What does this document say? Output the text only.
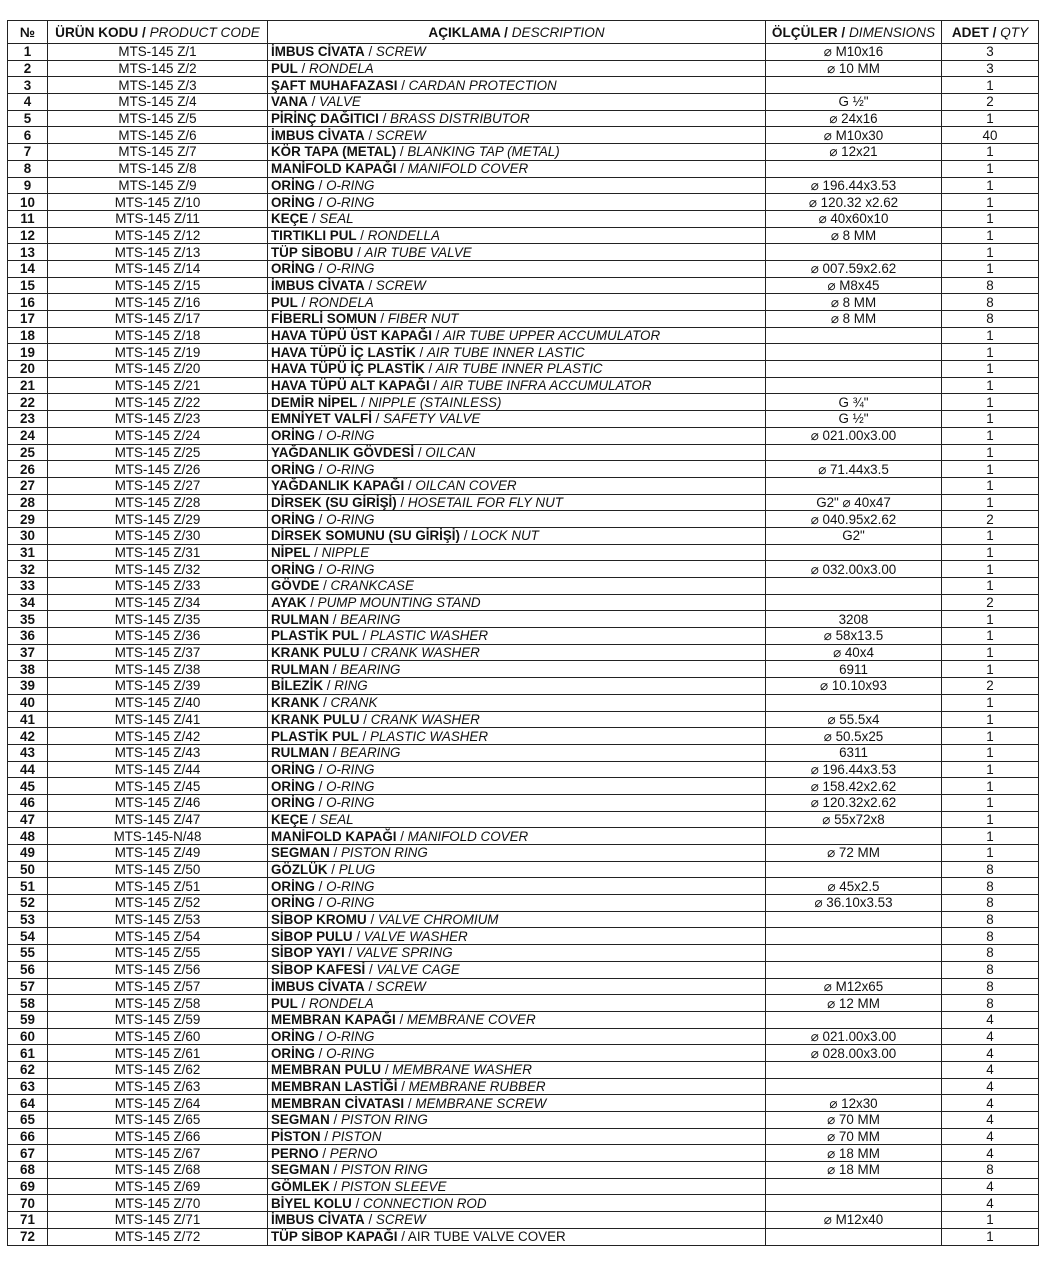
№	ÜRÜN KODU / PRODUCT CODE	AÇIKLAMA / DESCRIPTION	ÖLÇÜLER / DIMENSIONS	ADET / QTY
1	MTS-145 Z/1	İMBUS CİVATA / SCREW	⌀ M10x16	3
2	MTS-145 Z/2	PUL / RONDELA	⌀ 10 MM	3
3	MTS-145 Z/3	ŞAFT MUHAFAZASI / CARDAN PROTECTION		1
4	MTS-145 Z/4	VANA / VALVE	G ½"	2
5	MTS-145 Z/5	PİRİNÇ DAĞITICI / BRASS DISTRIBUTOR	⌀ 24x16	1
6	MTS-145 Z/6	İMBUS CİVATA / SCREW	⌀ M10x30	40
7	MTS-145 Z/7	KÖR TAPA (METAL) / BLANKING TAP (METAL)	⌀ 12x21	1
8	MTS-145 Z/8	MANİFOLD KAPAĞI / MANIFOLD COVER		1
9	MTS-145 Z/9	ORİNG / O-RING	⌀ 196.44x3.53	1
10	MTS-145 Z/10	ORİNG / O-RING	⌀ 120.32 x2.62	1
11	MTS-145 Z/11	KEÇE / SEAL	⌀ 40x60x10	1
12	MTS-145 Z/12	TIRTIKLI PUL / RONDELLA	⌀ 8 MM	1
13	MTS-145 Z/13	TÜP SİBOBU / AIR TUBE VALVE		1
14	MTS-145 Z/14	ORİNG / O-RING	⌀ 007.59x2.62	1
15	MTS-145 Z/15	İMBUS CİVATA / SCREW	⌀ M8x45	8
16	MTS-145 Z/16	PUL / RONDELA	⌀ 8 MM	8
17	MTS-145 Z/17	FİBERLİ SOMUN / FIBER NUT	⌀ 8 MM	8
18	MTS-145 Z/18	HAVA TÜPÜ ÜST KAPAĞI / AIR TUBE UPPER ACCUMULATOR		1
19	MTS-145 Z/19	HAVA TÜPÜ İÇ LASTİK / AIR TUBE INNER LASTIC		1
20	MTS-145 Z/20	HAVA TÜPÜ İÇ PLASTİK / AIR TUBE INNER PLASTIC		1
21	MTS-145 Z/21	HAVA TÜPÜ ALT KAPAĞI / AIR TUBE INFRA ACCUMULATOR		1
22	MTS-145 Z/22	DEMİR NİPEL / NIPPLE (STAINLESS)	G ¾"	1
23	MTS-145 Z/23	EMNİYET VALFİ / SAFETY VALVE	G ½"	1
24	MTS-145 Z/24	ORİNG / O-RING	⌀ 021.00x3.00	1
25	MTS-145 Z/25	YAĞDANLIK GÖVDESİ / OILCAN		1
26	MTS-145 Z/26	ORİNG / O-RING	⌀ 71.44x3.5	1
27	MTS-145 Z/27	YAĞDANLIK KAPAĞI / OILCAN COVER		1
28	MTS-145 Z/28	DİRSEK (SU GİRİŞİ) / HOSETAIL FOR FLY NUT	G2" ⌀ 40x47	1
29	MTS-145 Z/29	ORİNG / O-RING	⌀ 040.95x2.62	2
30	MTS-145 Z/30	DİRSEK SOMUNU (SU GİRİŞİ) / LOCK NUT	G2"	1
31	MTS-145 Z/31	NİPEL / NIPPLE		1
32	MTS-145 Z/32	ORİNG / O-RING	⌀ 032.00x3.00	1
33	MTS-145 Z/33	GÖVDE / CRANKCASE		1
34	MTS-145 Z/34	AYAK / PUMP MOUNTING STAND		2
35	MTS-145 Z/35	RULMAN / BEARING	3208	1
36	MTS-145 Z/36	PLASTİK PUL / PLASTIC WASHER	⌀ 58x13.5	1
37	MTS-145 Z/37	KRANK PULU / CRANK WASHER	⌀ 40x4	1
38	MTS-145 Z/38	RULMAN / BEARING	6911	1
39	MTS-145 Z/39	BİLEZİK / RING	⌀ 10.10x93	2
40	MTS-145 Z/40	KRANK / CRANK		1
41	MTS-145 Z/41	KRANK PULU / CRANK WASHER	⌀ 55.5x4	1
42	MTS-145 Z/42	PLASTİK PUL / PLASTIC WASHER	⌀ 50.5x25	1
43	MTS-145 Z/43	RULMAN / BEARING	6311	1
44	MTS-145 Z/44	ORİNG / O-RING	⌀ 196.44x3.53	1
45	MTS-145 Z/45	ORİNG / O-RING	⌀ 158.42x2.62	1
46	MTS-145 Z/46	ORİNG / O-RING	⌀ 120.32x2.62	1
47	MTS-145 Z/47	KEÇE / SEAL	⌀ 55x72x8	1
48	MTS-145-N/48	MANİFOLD KAPAĞI / MANIFOLD COVER		1
49	MTS-145 Z/49	SEGMAN / PISTON RING	⌀ 72 MM	1
50	MTS-145 Z/50	GÖZLÜK / PLUG		8
51	MTS-145 Z/51	ORİNG / O-RING	⌀ 45x2.5	8
52	MTS-145 Z/52	ORİNG / O-RING	⌀ 36.10x3.53	8
53	MTS-145 Z/53	SİBOP KROMU / VALVE CHROMIUM		8
54	MTS-145 Z/54	SİBOP PULU / VALVE WASHER		8
55	MTS-145 Z/55	SİBOP YAYI / VALVE SPRING		8
56	MTS-145 Z/56	SİBOP KAFESİ / VALVE CAGE		8
57	MTS-145 Z/57	İMBUS CİVATA / SCREW	⌀ M12x65	8
58	MTS-145 Z/58	PUL / RONDELA	⌀ 12 MM	8
59	MTS-145 Z/59	MEMBRAN KAPAĞI / MEMBRANE COVER		4
60	MTS-145 Z/60	ORİNG / O-RING	⌀ 021.00x3.00	4
61	MTS-145 Z/61	ORİNG / O-RING	⌀ 028.00x3.00	4
62	MTS-145 Z/62	MEMBRAN PULU / MEMBRANE WASHER		4
63	MTS-145 Z/63	MEMBRAN LASTİĞİ / MEMBRANE RUBBER		4
64	MTS-145 Z/64	MEMBRAN CİVATASI / MEMBRANE SCREW	⌀ 12x30	4
65	MTS-145 Z/65	SEGMAN / PISTON RING	⌀ 70 MM	4
66	MTS-145 Z/66	PİSTON / PISTON	⌀ 70 MM	4
67	MTS-145 Z/67	PERNO / PERNO	⌀ 18 MM	4
68	MTS-145 Z/68	SEGMAN / PISTON RING	⌀ 18 MM	8
69	MTS-145 Z/69	GÖMLEK / PISTON SLEEVE		4
70	MTS-145 Z/70	BİYEL KOLU / CONNECTION ROD		4
71	MTS-145 Z/71	İMBUS CİVATA / SCREW	⌀ M12x40	1
72	MTS-145 Z/72	TÜP SİBOP KAPAĞI / AIR TUBE VALVE COVER		1
